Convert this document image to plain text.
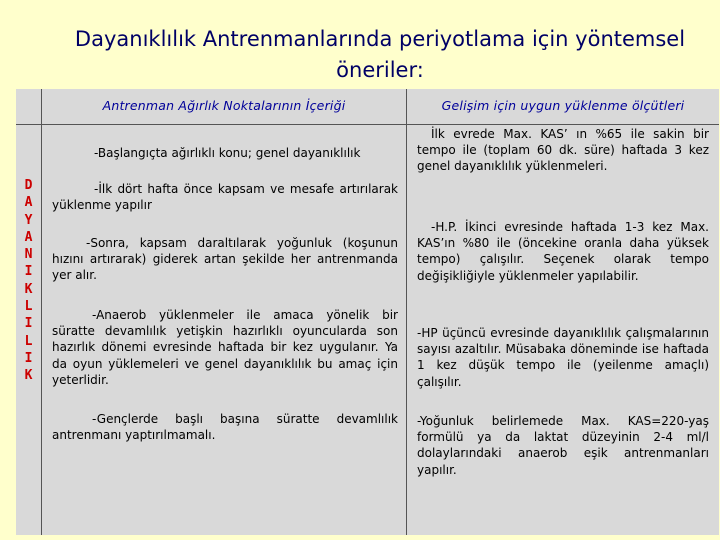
Dayanıklılık Antrenmanlarında periyotlama için yöntemsel öneriler:
Antrenman Ağırlık Noktalarının İçeriği	Gelişim için uygun yüklenme ölçütleri
D
A
Y
A
N
I
K
L
I
L
I
K

-Başlangıçta ağırlıklı konu; genel dayanıklılık

-İlk dört hafta önce kapsam ve mesafe artırılarak yüklenme yapılır

-Sonra, kapsam daraltılarak yoğunluk (koşunun hızını artırarak) giderek artan şekilde her antrenmanda yer alır.

-Anaerob yüklenmeler ile amaca yönelik bir süratte devamlılık yetişkin hazırlıklı oyuncularda son hazırlık dönemi evresinde haftada bir kez uygulanır. Ya da oyun yüklemeleri ve genel dayanıklılık bu amaç için yeterlidir.

-Gençlerde başlı başına süratte devamlılık antrenmanı yaptırılmamalı.

İlk evrede Max. KAS’ ın %65 ile sakin bir tempo ile (toplam 60 dk. süre) haftada 3 kez genel dayanıklılık yüklenmeleri.

-H.P. İkinci evresinde haftada 1-3 kez Max. KAS’ın %80 ile (öncekine oranla daha yüksek tempo) çalışılır. Seçenek olarak tempo değişikliğiyle yüklenmeler yapılabilir.

-HP üçüncü evresinde dayanıklılık çalışmalarının sayısı azaltılır. Müsabaka döneminde ise haftada 1 kez düşük tempo ile (yeilenme amaçlı) çalışılır.

-Yoğunluk belirlemede Max. KAS=220-yaş formülü ya da laktat düzeyinin 2-4 ml/l dolaylarındaki anaerob eşik antrenmanları yapılır.
